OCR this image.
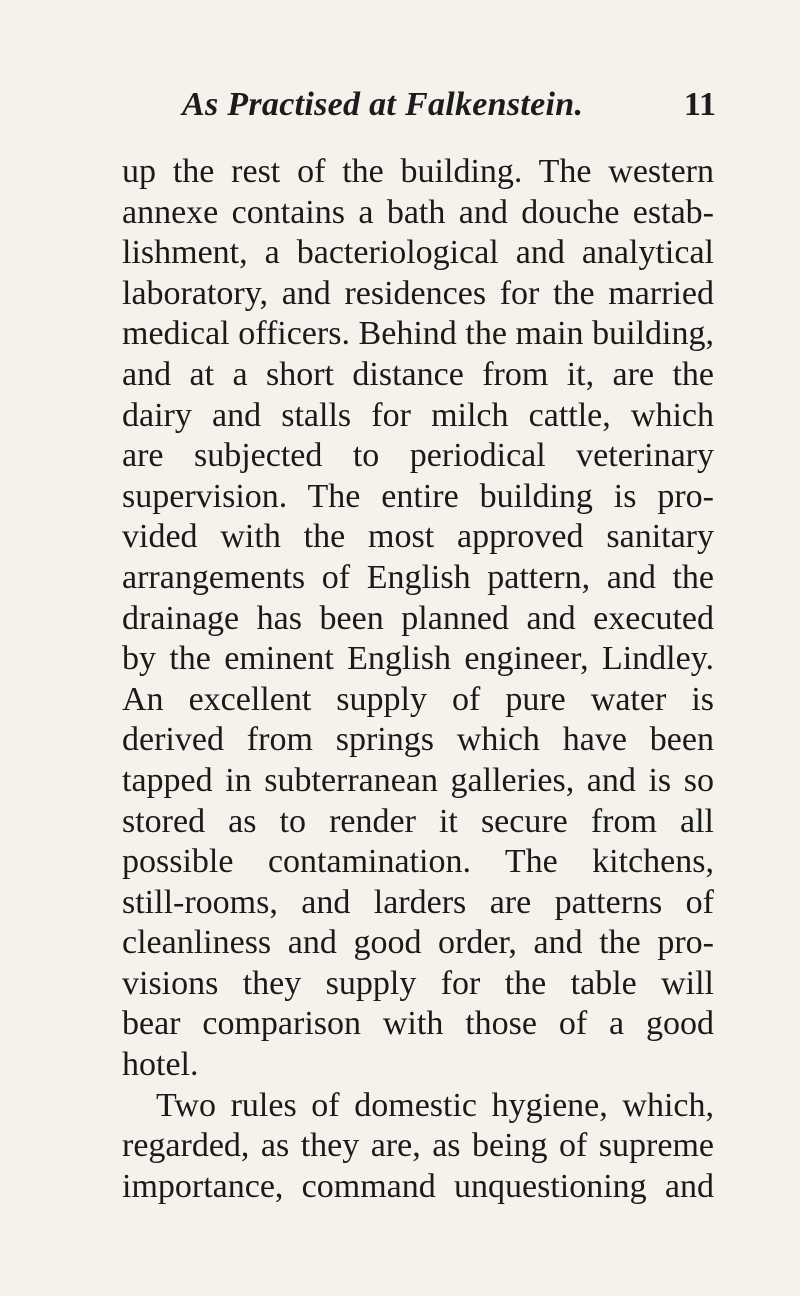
As Practised at Falkenstein.	11
up the rest of the building. The western
annexe contains a bath and douche estab-
lishment, a bacteriological and analytical
laboratory, and residences for the married
medical officers. Behind the main building,
and at a short distance from it, are the
dairy and stalls for milch cattle, which
are subjected to periodical veterinary
supervision. The entire building is pro-
vided with the most approved sanitary
arrangements of English pattern, and the
drainage has been planned and executed
by the eminent English engineer, Lindley.
An excellent supply of pure water is
derived from springs which have been
tapped in subterranean galleries, and is so
stored as to render it secure from all
possible contamination. The kitchens,
still-rooms, and larders are patterns of
cleanliness and good order, and the pro-
visions they supply for the table will
bear comparison with those of a good
hotel.
Two rules of domestic hygiene, which,
regarded, as they are, as being of supreme
importance, command unquestioning and
